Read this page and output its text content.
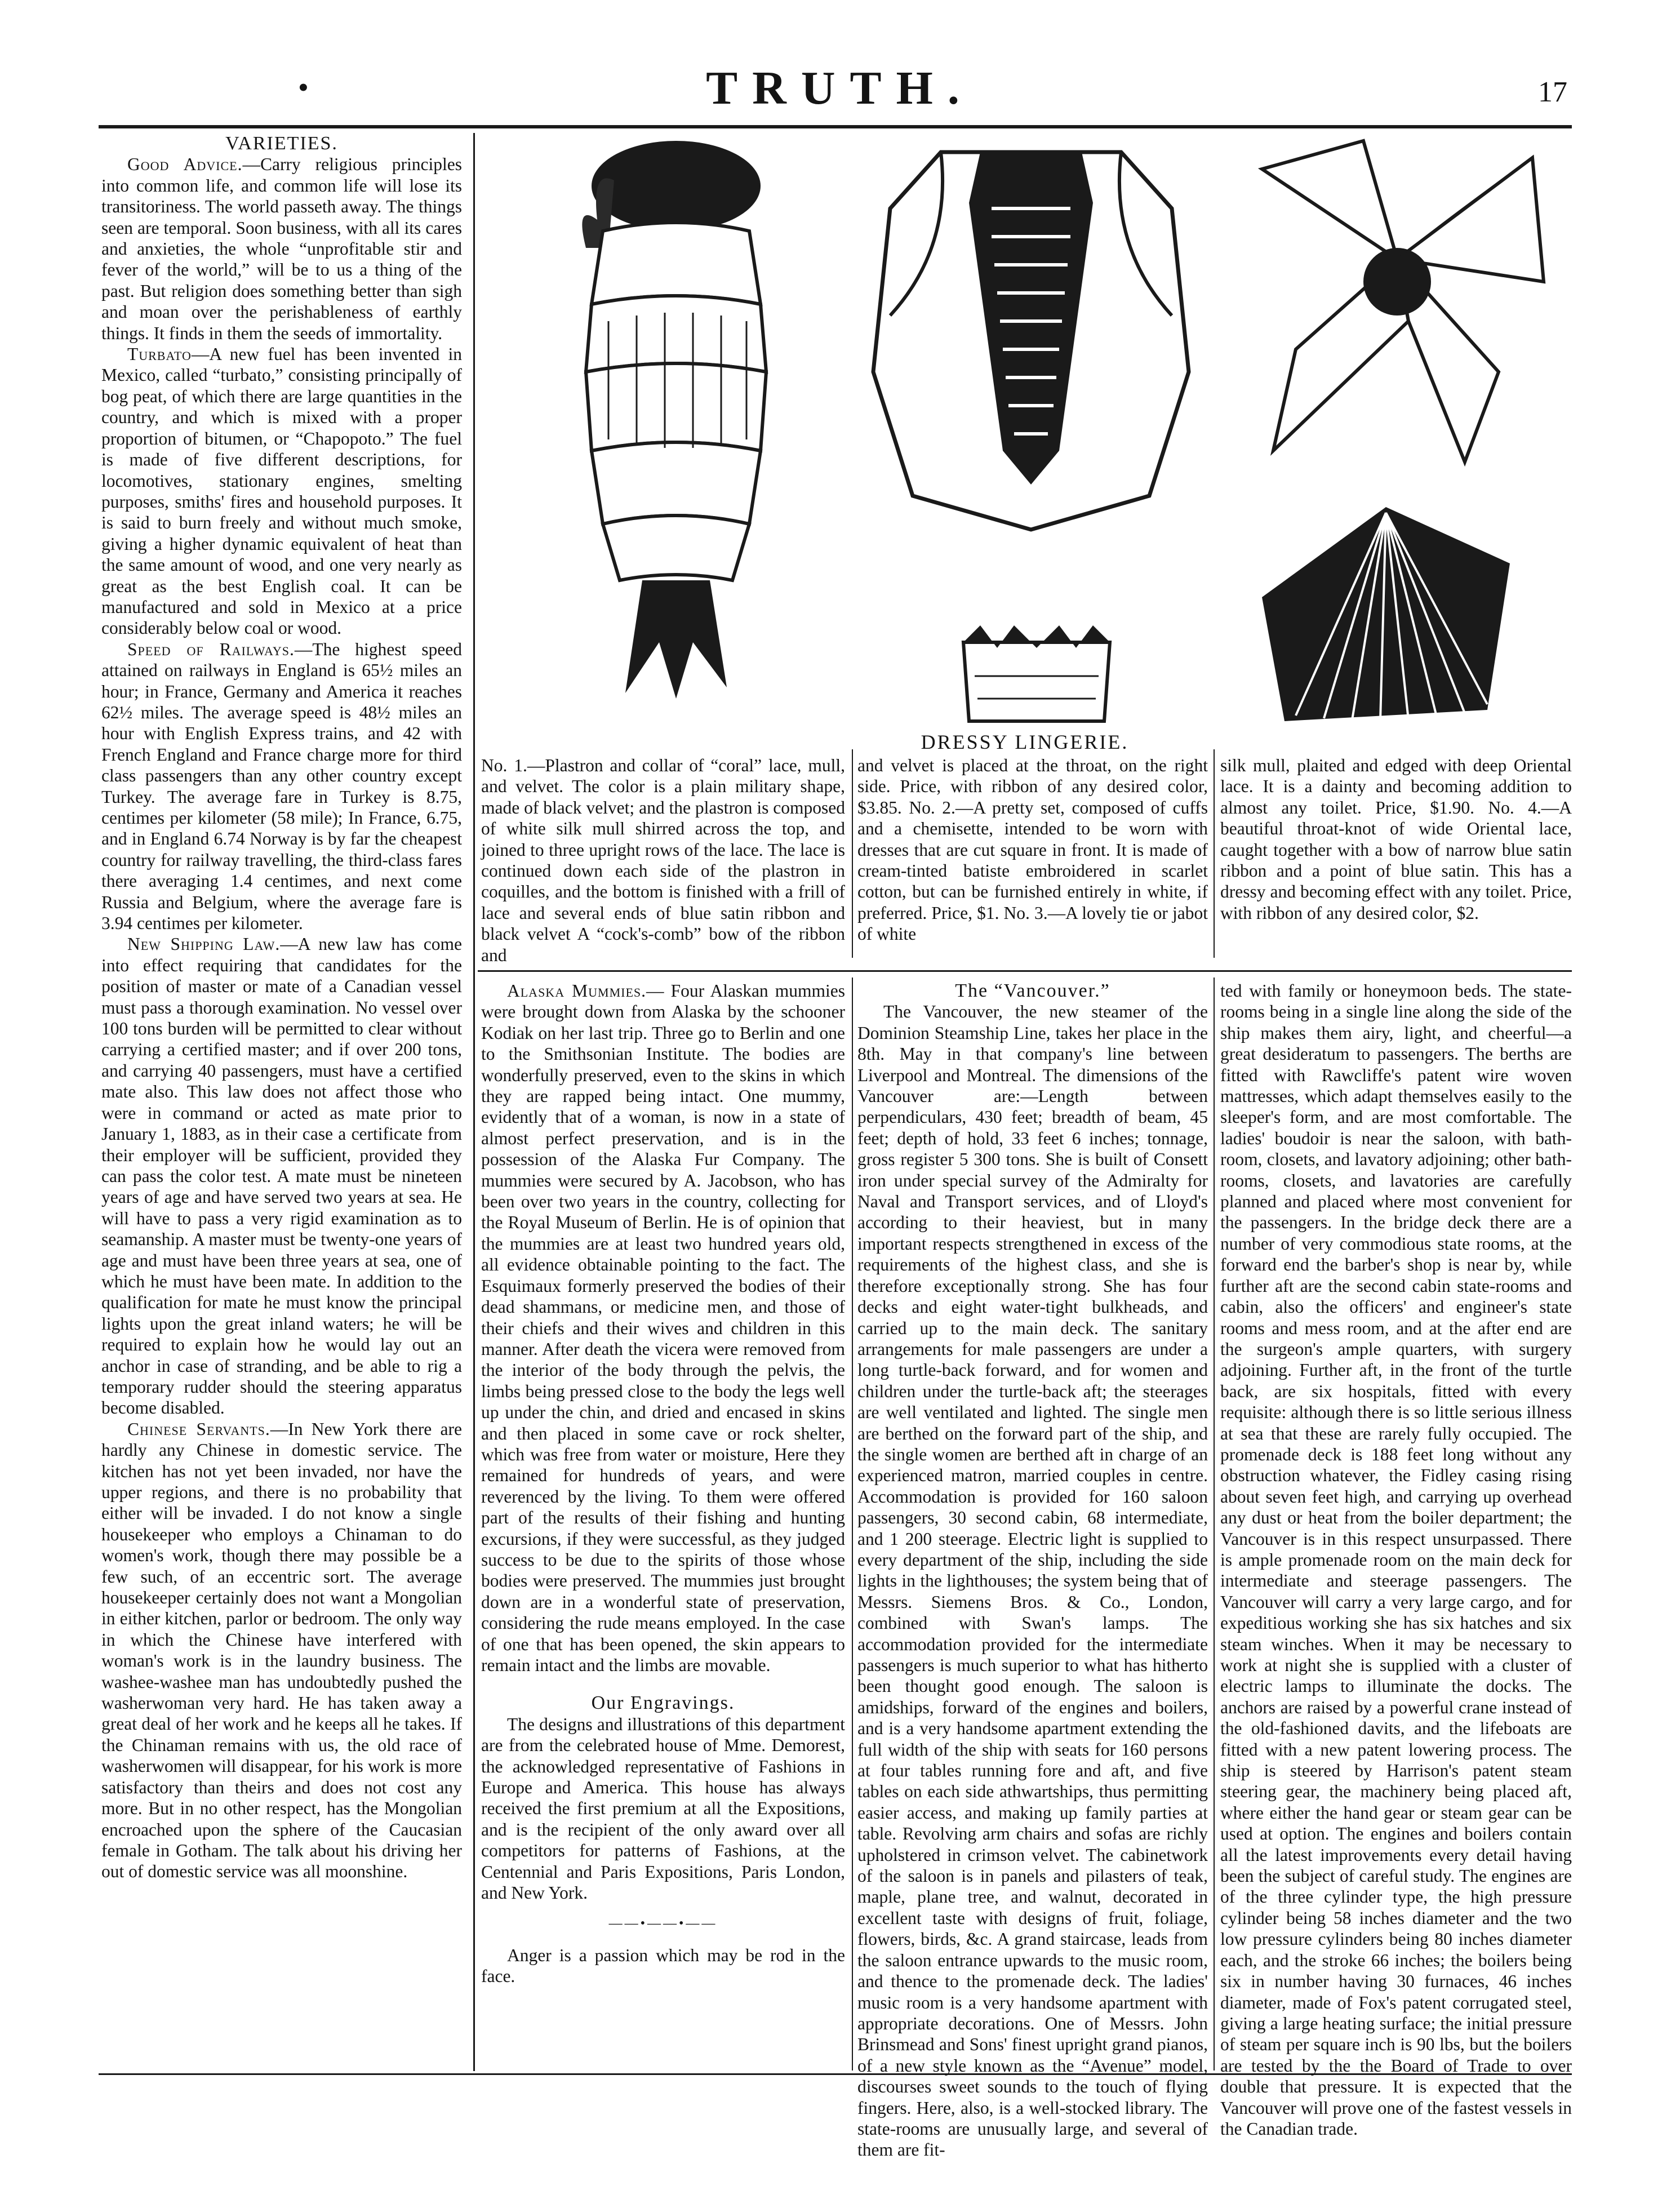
•	TRUTH.	17

VARIETIES.

Good Advice.—Carry religious principles into common life, and common life will lose its transitoriness. The world passeth away. The things seen are temporal. Soon business, with all its cares and anxieties, the whole “unprofitable stir and fever of the world,” will be to us a thing of the past. But religion does something better than sigh and moan over the perishableness of earthly things. It finds in them the seeds of immortality.

Turbato—A new fuel has been invented in Mexico, called “turbato,” consisting principally of bog peat, of which there are large quantities in the country, and which is mixed with a proper proportion of bitumen, or “Chapopoto.” The fuel is made of five different descriptions, for locomotives, stationary engines, smelting purposes, smiths' fires and household purposes. It is said to burn freely and without much smoke, giving a higher dynamic equivalent of heat than the same amount of wood, and one very nearly as great as the best English coal. It can be manufactured and sold in Mexico at a price considerably below coal or wood.

Speed of Railways.—The highest speed attained on railways in England is 65½ miles an hour; in France, Germany and America it reaches 62½ miles. The average speed is 48½ miles an hour with English Express trains, and 42 with French England and France charge more for third class passengers than any other country except Turkey. The average fare in Turkey is 8.75, centimes per kilometer (58 mile); In France, 6.75, and in England 6.74 Norway is by far the cheapest country for railway travelling, the third-class fares there averaging 1.4 centimes, and next come Russia and Belgium, where the average fare is 3.94 centimes per kilometer.

New Shipping Law.—A new law has come into effect requiring that candidates for the position of master or mate of a Canadian vessel must pass a thorough examination. No vessel over 100 tons burden will be permitted to clear without carrying a certified master; and if over 200 tons, and carrying 40 passengers, must have a certified mate also. This law does not affect those who were in command or acted as mate prior to January 1, 1883, as in their case a certificate from their employer will be sufficient, provided they can pass the color test. A mate must be nineteen years of age and have served two years at sea. He will have to pass a very rigid examination as to seamanship. A master must be twenty-one years of age and must have been three years at sea, one of which he must have been mate. In addition to the qualification for mate he must know the principal lights upon the great inland waters; he will be required to explain how he would lay out an anchor in case of stranding, and be able to rig a temporary rudder should the steering apparatus become disabled.

Chinese Servants.—In New York there are hardly any Chinese in domestic service. The kitchen has not yet been invaded, nor have the upper regions, and there is no probability that either will be invaded. I do not know a single housekeeper who employs a Chinaman to do women's work, though there may possible be a few such, of an eccentric sort. The average housekeeper certainly does not want a Mongolian in either kitchen, parlor or bedroom. The only way in which the Chinese have interfered with woman's work is in the laundry business. The washee-washee man has undoubtedly pushed the washerwoman very hard. He has taken away a great deal of her work and he keeps all he takes. If the Chinaman remains with us, the old race of washerwomen will disappear, for his work is more satisfactory than theirs and does not cost any more. But in no other respect, has the Mongolian encroached upon the sphere of the Caucasian female in Gotham. The talk about his driving her out of domestic service was all moonshine.

DRESSY LINGERIE.
No. 1.—Plastron and collar of “coral” lace, mull, and velvet. The color is a plain military shape, made of black velvet; and the plastron is composed of white silk mull shirred across the top, and joined to three upright rows of the lace. The lace is continued down each side of the plastron in coquilles, and the bottom is finished with a frill of lace and several ends of blue satin ribbon and black velvet A “cock's-comb” bow of the ribbon and
and velvet is placed at the throat, on the right side. Price, with ribbon of any desired color, $3.85. No. 2.—A pretty set, composed of cuffs and a chemisette, intended to be worn with dresses that are cut square in front. It is made of cream-tinted batiste embroidered in scarlet cotton, but can be furnished entirely in white, if preferred. Price, $1. No. 3.—A lovely tie or jabot of white
silk mull, plaited and edged with deep Oriental lace. It is a dainty and becoming addition to almost any toilet. Price, $1.90. No. 4.—A beautiful throat-knot of wide Oriental lace, caught together with a bow of narrow blue satin ribbon and a point of blue satin. This has a dressy and becoming effect with any toilet. Price, with ribbon of any desired color, $2.

Alaska Mummies.— Four Alaskan mummies were brought down from Alaska by the schooner Kodiak on her last trip. Three go to Berlin and one to the Smithsonian Institute. The bodies are wonderfully preserved, even to the skins in which they are rapped being intact. One mummy, evidently that of a woman, is now in a state of almost perfect preservation, and is in the possession of the Alaska Fur Company. The mummies were secured by A. Jacobson, who has been over two years in the country, collecting for the Royal Museum of Berlin. He is of opinion that the mummies are at least two hundred years old, all evidence obtainable pointing to the fact. The Esquimaux formerly preserved the bodies of their dead shammans, or medicine men, and those of their chiefs and their wives and children in this manner. After death the vicera were removed from the interior of the body through the pelvis, the limbs being pressed close to the body the legs well up under the chin, and dried and encased in skins and then placed in some cave or rock shelter, which was free from water or moisture, Here they remained for hundreds of years, and were reverenced by the living. To them were offered part of the results of their fishing and hunting excursions, if they were successful, as they judged success to be due to the spirits of those whose bodies were preserved. The mummies just brought down are in a wonderful state of preservation, considering the rude means employed. In the case of one that has been opened, the skin appears to remain intact and the limbs are movable.

Our Engravings.

The designs and illustrations of this department are from the celebrated house of Mme. Demorest, the acknowledged representative of Fashions in Europe and America. This house has always received the first premium at all the Expositions, and is the recipient of the only award over all competitors for patterns of Fashions, at the Centennial and Paris Expositions, Paris London, and New York.

——•——•——

Anger is a passion which may be rod in the face.

The “Vancouver.”

The Vancouver, the new steamer of the Dominion Steamship Line, takes her place in the 8th. May in that company's line between Liverpool and Montreal. The dimensions of the Vancouver are:—Length between perpendiculars, 430 feet; breadth of beam, 45 feet; depth of hold, 33 feet 6 inches; tonnage, gross register 5 300 tons. She is built of Consett iron under special survey of the Admiralty for Naval and Transport services, and of Lloyd's according to their heaviest, but in many important respects strengthened in excess of the requirements of the highest class, and she is therefore exceptionally strong. She has four decks and eight water-tight bulkheads, and carried up to the main deck. The sanitary arrangements for male passengers are under a long turtle-back forward, and for women and children under the turtle-back aft; the steerages are well ventilated and lighted. The single men are berthed on the forward part of the ship, and the single women are berthed aft in charge of an experienced matron, married couples in centre. Accommodation is provided for 160 saloon passengers, 30 second cabin, 68 intermediate, and 1 200 steerage. Electric light is supplied to every department of the ship, including the side lights in the lighthouses; the system being that of Messrs. Siemens Bros. & Co., London, combined with Swan's lamps. The accommodation provided for the intermediate passengers is much superior to what has hitherto been thought good enough. The saloon is amidships, forward of the engines and boilers, and is a very handsome apartment extending the full width of the ship with seats for 160 persons at four tables running fore and aft, and five tables on each side athwartships, thus permitting easier access, and making up family parties at table. Revolving arm chairs and sofas are richly upholstered in crimson velvet. The cabinetwork of the saloon is in panels and pilasters of teak, maple, plane tree, and walnut, decorated in excellent taste with designs of fruit, foliage, flowers, birds, &c. A grand staircase, leads from the saloon entrance upwards to the music room, and thence to the promenade deck. The ladies' music room is a very handsome apartment with appropriate decorations. One of Messrs. John Brinsmead and Sons' finest upright grand pianos, of a new style known as the “Avenue” model, discourses sweet sounds to the touch of flying fingers. Here, also, is a well-stocked library. The state-rooms are unusually large, and several of them are fit-

ted with family or honeymoon beds. The state-rooms being in a single line along the side of the ship makes them airy, light, and cheerful—a great desideratum to passengers. The berths are fitted with Rawcliffe's patent wire woven mattresses, which adapt themselves easily to the sleeper's form, and are most comfortable. The ladies' boudoir is near the saloon, with bath-room, closets, and lavatory adjoining; other bath-rooms, closets, and lavatories are carefully planned and placed where most convenient for the passengers. In the bridge deck there are a number of very commodious state rooms, at the forward end the barber's shop is near by, while further aft are the second cabin state-rooms and cabin, also the officers' and engineer's state rooms and mess room, and at the after end are the surgeon's ample quarters, with surgery adjoining. Further aft, in the front of the turtle back, are six hospitals, fitted with every requisite: although there is so little serious illness at sea that these are rarely fully occupied. The promenade deck is 188 feet long without any obstruction whatever, the Fidley casing rising about seven feet high, and carrying up overhead any dust or heat from the boiler department; the Vancouver is in this respect unsurpassed. There is ample promenade room on the main deck for intermediate and steerage passengers. The Vancouver will carry a very large cargo, and for expeditious working she has six hatches and six steam winches. When it may be necessary to work at night she is supplied with a cluster of electric lamps to illuminate the docks. The anchors are raised by a powerful crane instead of the old-fashioned davits, and the lifeboats are fitted with a new patent lowering process. The ship is steered by Harrison's patent steam steering gear, the machinery being placed aft, where either the hand gear or steam gear can be used at option. The engines and boilers contain all the latest improvements every detail having been the subject of careful study. The engines are of the three cylinder type, the high pressure cylinder being 58 inches diameter and the two low pressure cylinders being 80 inches diameter each, and the stroke 66 inches; the boilers being six in number having 30 furnaces, 46 inches diameter, made of Fox's patent corrugated steel, giving a large heating surface; the initial pressure of steam per square inch is 90 lbs, but the boilers are tested by the the Board of Trade to over double that pressure. It is expected that the Vancouver will prove one of the fastest vessels in the Canadian trade.
